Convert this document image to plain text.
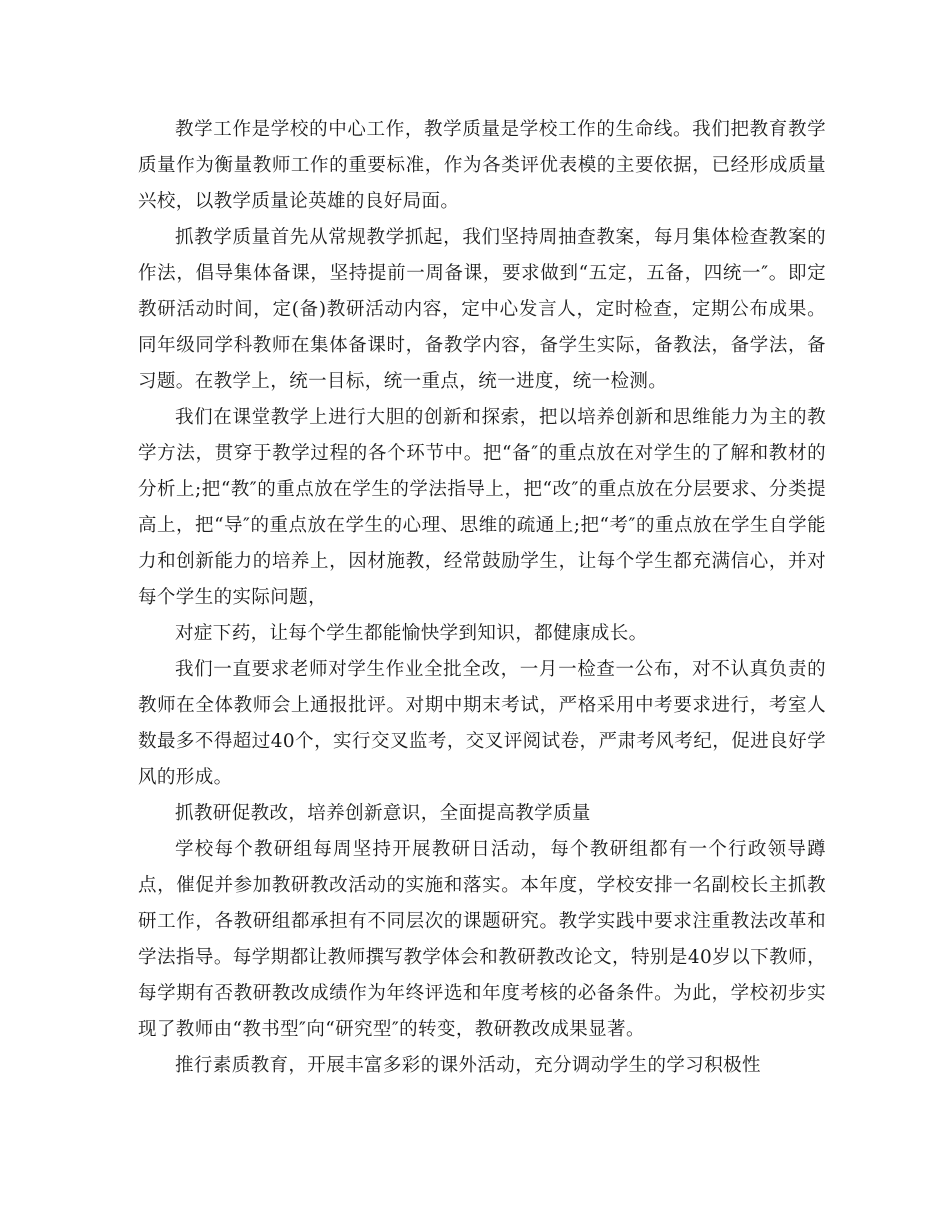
教学工作是学校的中心工作，教学质量是学校工作的生命线。我们把教育教学质量作为衡量教师工作的重要标准，作为各类评优表模的主要依据，已经形成质量兴校，以教学质量论英雄的良好局面。

抓教学质量首先从常规教学抓起，我们坚持周抽查教案，每月集体检查教案的作法，倡导集体备课，坚持提前一周备课，要求做到“五定，五备，四统一″。即定教研活动时间，定(备)教研活动内容，定中心发言人，定时检查，定期公布成果。同年级同学科教师在集体备课时，备教学内容，备学生实际，备教法，备学法，备习题。在教学上，统一目标，统一重点，统一进度，统一检测。

我们在课堂教学上进行大胆的创新和探索，把以培养创新和思维能力为主的教学方法，贯穿于教学过程的各个环节中。把“备″的重点放在对学生的了解和教材的分析上;把“教″的重点放在学生的学法指导上，把“改″的重点放在分层要求、分类提高上，把“导″的重点放在学生的心理、思维的疏通上;把“考″的重点放在学生自学能力和创新能力的培养上，因材施教，经常鼓励学生，让每个学生都充满信心，并对每个学生的实际问题，

对症下药，让每个学生都能愉快学到知识，都健康成长。

我们一直要求老师对学生作业全批全改，一月一检查一公布，对不认真负责的教师在全体教师会上通报批评。对期中期末考试，严格采用中考要求进行，考室人数最多不得超过40个，实行交叉监考，交叉评阅试卷，严肃考风考纪，促进良好学风的形成。

抓教研促教改，培养创新意识，全面提高教学质量

学校每个教研组每周坚持开展教研日活动，每个教研组都有一个行政领导蹲点，催促并参加教研教改活动的实施和落实。本年度，学校安排一名副校长主抓教研工作，各教研组都承担有不同层次的课题研究。教学实践中要求注重教法改革和学法指导。每学期都让教师撰写教学体会和教研教改论文，特别是40岁以下教师，每学期有否教研教改成绩作为年终评选和年度考核的必备条件。为此，学校初步实现了教师由“教书型″向“研究型″的转变，教研教改成果显著。

推行素质教育，开展丰富多彩的课外活动，充分调动学生的学习积极性
